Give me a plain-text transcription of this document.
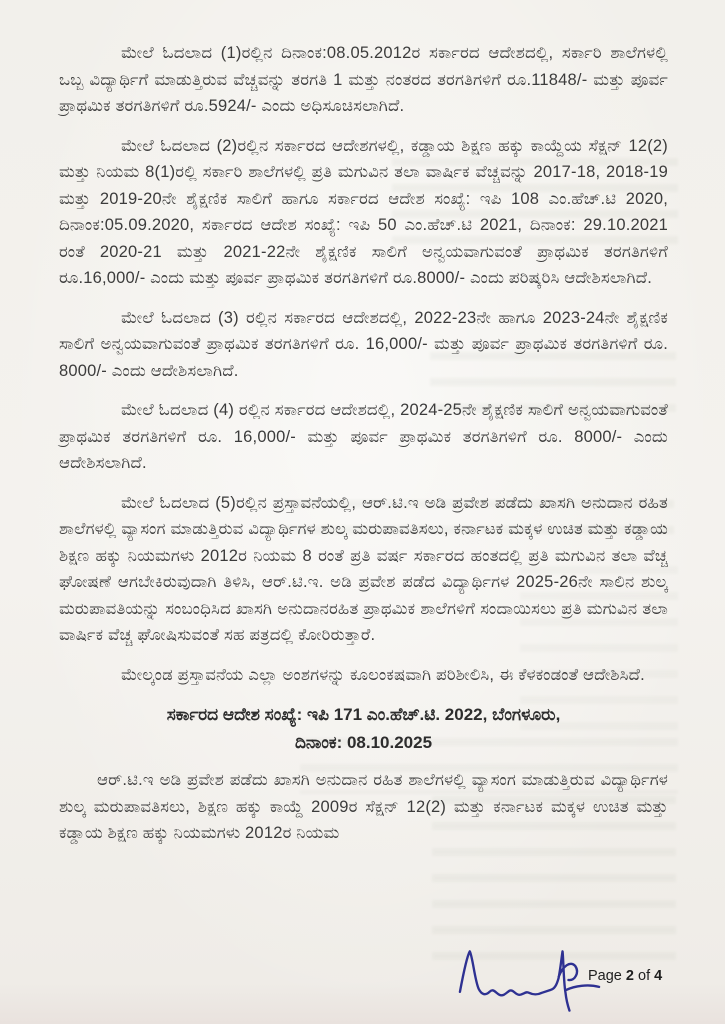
ಮೇಲೆ ಓದಲಾದ (1)ರಲ್ಲಿನ ದಿನಾಂಕ:08.05.2012ರ ಸರ್ಕಾರದ ಆದೇಶದಲ್ಲಿ, ಸರ್ಕಾರಿ ಶಾಲೆಗಳಲ್ಲಿ ಒಬ್ಬ ವಿದ್ಯಾರ್ಥಿಗೆ ಮಾಡುತ್ತಿರುವ ವೆಚ್ಚವನ್ನು ತರಗತಿ 1 ಮತ್ತು ನಂತರದ ತರಗತಿಗಳಿಗೆ ರೂ.11848/- ಮತ್ತು ಪೂರ್ವ ಪ್ರಾಥಮಿಕ ತರಗತಿಗಳಿಗೆ ರೂ.5924/- ಎಂದು ಅಧಿಸೂಚಿಸಲಾಗಿದೆ.

ಮೇಲೆ ಓದಲಾದ (2)ರಲ್ಲಿನ ಸರ್ಕಾರದ ಆದೇಶಗಳಲ್ಲಿ, ಕಡ್ಡಾಯ ಶಿಕ್ಷಣ ಹಕ್ಕು ಕಾಯ್ದೆಯ ಸೆಕ್ಷನ್ 12(2) ಮತ್ತು ನಿಯಮ 8(1)ರಲ್ಲಿ ಸರ್ಕಾರಿ ಶಾಲೆಗಳಲ್ಲಿ ಪ್ರತಿ ಮಗುವಿನ ತಲಾ ವಾರ್ಷಿಕ ವೆಚ್ಚವನ್ನು 2017-18, 2018-19 ಮತ್ತು 2019-20ನೇ ಶೈಕ್ಷಣಿಕ ಸಾಲಿಗೆ ಹಾಗೂ ಸರ್ಕಾರದ ಆದೇಶ ಸಂಖ್ಯೆ: ಇಪಿ 108 ಎಂ.ಹೆಚ್.ಟಿ 2020, ದಿನಾಂಕ:05.09.2020, ಸರ್ಕಾರದ ಆದೇಶ ಸಂಖ್ಯೆ: ಇಪಿ 50 ಎಂ.ಹೆಚ್.ಟಿ 2021, ದಿನಾಂಕ: 29.10.2021 ರಂತೆ 2020-21 ಮತ್ತು 2021-22ನೇ ಶೈಕ್ಷಣಿಕ ಸಾಲಿಗೆ ಅನ್ವಯವಾಗುವಂತೆ ಪ್ರಾಥಮಿಕ ತರಗತಿಗಳಿಗೆ ರೂ.16,000/- ಎಂದು ಮತ್ತು ಪೂರ್ವ ಪ್ರಾಥಮಿಕ ತರಗತಿಗಳಿಗೆ ರೂ.8000/- ಎಂದು ಪರಿಷ್ಕರಿಸಿ ಆದೇಶಿಸಲಾಗಿದೆ.

ಮೇಲೆ ಓದಲಾದ (3) ರಲ್ಲಿನ ಸರ್ಕಾರದ ಆದೇಶದಲ್ಲಿ, 2022-23ನೇ ಹಾಗೂ 2023-24ನೇ ಶೈಕ್ಷಣಿಕ ಸಾಲಿಗೆ ಅನ್ವಯವಾಗುವಂತೆ ಪ್ರಾಥಮಿಕ ತರಗತಿಗಳಿಗೆ ರೂ. 16,000/- ಮತ್ತು ಪೂರ್ವ ಪ್ರಾಥಮಿಕ ತರಗತಿಗಳಿಗೆ ರೂ. 8000/- ಎಂದು ಆದೇಶಿಸಲಾಗಿದೆ.

ಮೇಲೆ ಓದಲಾದ (4) ರಲ್ಲಿನ ಸರ್ಕಾರದ ಆದೇಶದಲ್ಲಿ, 2024-25ನೇ ಶೈಕ್ಷಣಿಕ ಸಾಲಿಗೆ ಅನ್ವಯವಾಗುವಂತೆ ಪ್ರಾಥಮಿಕ ತರಗತಿಗಳಿಗೆ ರೂ. 16,000/- ಮತ್ತು ಪೂರ್ವ ಪ್ರಾಥಮಿಕ ತರಗತಿಗಳಿಗೆ ರೂ. 8000/- ಎಂದು ಆದೇಶಿಸಲಾಗಿದೆ.

ಮೇಲೆ ಓದಲಾದ (5)ರಲ್ಲಿನ ಪ್ರಸ್ತಾವನೆಯಲ್ಲಿ, ಆರ್.ಟಿ.ಇ ಅಡಿ ಪ್ರವೇಶ ಪಡೆದು ಖಾಸಗಿ ಅನುದಾನ ರಹಿತ ಶಾಲೆಗಳಲ್ಲಿ ವ್ಯಾಸಂಗ ಮಾಡುತ್ತಿರುವ ವಿದ್ಯಾರ್ಥಿಗಳ ಶುಲ್ಕ ಮರುಪಾವತಿಸಲು, ಕರ್ನಾಟಕ ಮಕ್ಕಳ ಉಚಿತ ಮತ್ತು ಕಡ್ಡಾಯ ಶಿಕ್ಷಣ ಹಕ್ಕು ನಿಯಮಗಳು 2012ರ ನಿಯಮ 8 ರಂತೆ ಪ್ರತಿ ವರ್ಷ ಸರ್ಕಾರದ ಹಂತದಲ್ಲಿ ಪ್ರತಿ ಮಗುವಿನ ತಲಾ ವೆಚ್ಚ ಘೋಷಣೆ ಆಗಬೇಕಿರುವುದಾಗಿ ತಿಳಿಸಿ, ಆರ್.ಟಿ.ಇ. ಅಡಿ ಪ್ರವೇಶ ಪಡೆದ ವಿದ್ಯಾರ್ಥಿಗಳ 2025-26ನೇ ಸಾಲಿನ ಶುಲ್ಕ ಮರುಪಾವತಿಯನ್ನು ಸಂಬಂಧಿಸಿದ ಖಾಸಗಿ ಅನುದಾನರಹಿತ ಪ್ರಾಥಮಿಕ ಶಾಲೆಗಳಿಗೆ ಸಂದಾಯಿಸಲು ಪ್ರತಿ ಮಗುವಿನ ತಲಾ ವಾರ್ಷಿಕ ವೆಚ್ಚ ಘೋಷಿಸುವಂತೆ ಸಹ ಪತ್ರದಲ್ಲಿ ಕೋರಿರುತ್ತಾರೆ.

ಮೇಲ್ಕಂಡ ಪ್ರಸ್ತಾವನೆಯ ಎಲ್ಲಾ ಅಂಶಗಳನ್ನು ಕೂಲಂಕಷವಾಗಿ ಪರಿಶೀಲಿಸಿ, ಈ ಕೆಳಕಂಡಂತೆ ಆದೇಶಿಸಿದೆ.

ಸರ್ಕಾರದ ಆದೇಶ ಸಂಖ್ಯೆ: ಇಪಿ 171 ಎಂ.ಹೆಚ್.ಟಿ. 2022, ಬೆಂಗಳೂರು,
ದಿನಾಂಕ: 08.10.2025

ಆರ್.ಟಿ.ಇ ಅಡಿ ಪ್ರವೇಶ ಪಡೆದು ಖಾಸಗಿ ಅನುದಾನ ರಹಿತ ಶಾಲೆಗಳಲ್ಲಿ ವ್ಯಾಸಂಗ ಮಾಡುತ್ತಿರುವ ವಿದ್ಯಾರ್ಥಿಗಳ ಶುಲ್ಕ ಮರುಪಾವತಿಸಲು, ಶಿಕ್ಷಣ ಹಕ್ಕು ಕಾಯ್ದೆ 2009ರ ಸೆಕ್ಷನ್ 12(2) ಮತ್ತು ಕರ್ನಾಟಕ ಮಕ್ಕಳ ಉಚಿತ ಮತ್ತು ಕಡ್ಡಾಯ ಶಿಕ್ಷಣ ಹಕ್ಕು ನಿಯಮಗಳು 2012ರ ನಿಯಮ

Page 2 of 4
